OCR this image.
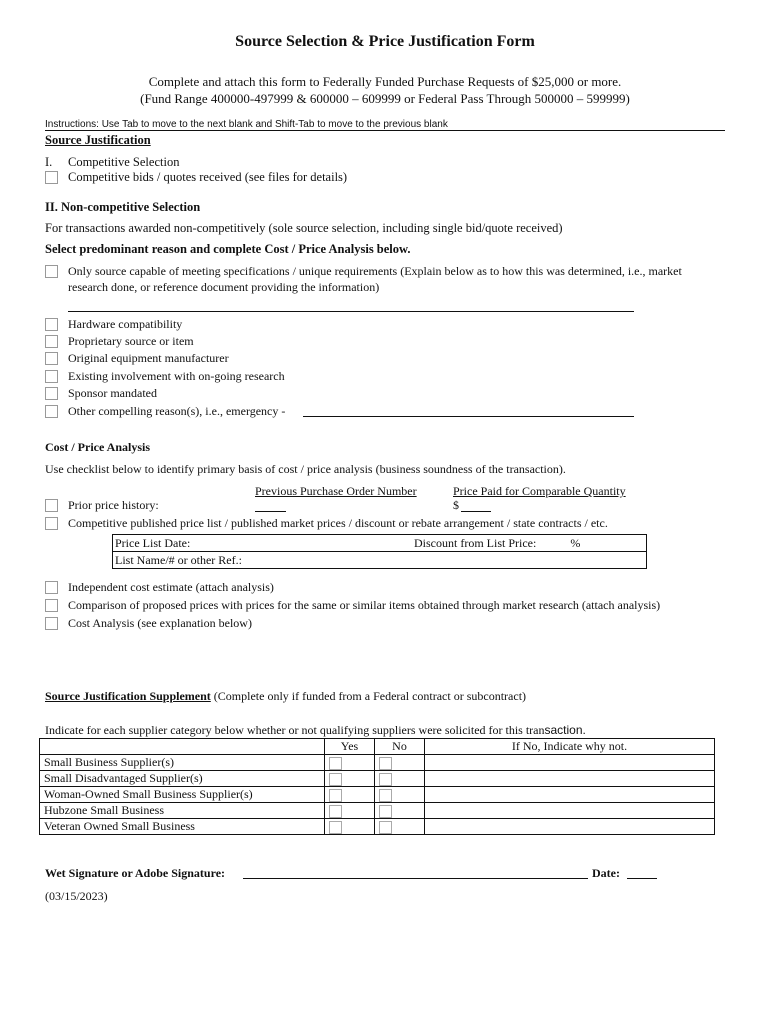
Source Selection & Price Justification Form
Complete and attach this form to Federally Funded Purchase Requests of $25,000 or more.
(Fund Range 400000-497999 & 600000 – 609999 or Federal Pass Through 500000 – 599999)
Instructions: Use Tab to move to the next blank and Shift-Tab to move to the previous blank
Source Justification
I. Competitive Selection
Competitive bids / quotes received (see files for details)
II. Non-competitive Selection
For transactions awarded non-competitively (sole source selection, including single bid/quote received)
Select predominant reason and complete Cost / Price Analysis below.
Only source capable of meeting specifications / unique requirements (Explain below as to how this was determined, i.e., market
research done, or reference document providing the information)
Hardware compatibility
Proprietary source or item
Original equipment manufacturer
Existing involvement with on-going research
Sponsor mandated
Other compelling reason(s), i.e., emergency -
Cost / Price Analysis
Use checklist below to identify primary basis of cost / price analysis (business soundness of the transaction).
Previous Purchase Order Number	Price Paid for Comparable Quantity
Prior price history:	$
Competitive published price list / published market prices / discount or rebate arrangement / state contracts / etc.
Price List Date:	Discount from List Price:	%
List Name/# or other Ref.:
Independent cost estimate (attach analysis)
Comparison of proposed prices with prices for the same or similar items obtained through market research (attach analysis)
Cost Analysis (see explanation below)
Source Justification Supplement (Complete only if funded from a Federal contract or subcontract)
Indicate for each supplier category below whether or not qualifying suppliers were solicited for this transaction.
	Yes	No	If No, Indicate why not.
Small Business Supplier(s)			
Small Disadvantaged Supplier(s)			
Woman-Owned Small Business Supplier(s)			
Hubzone Small Business			
Veteran Owned Small Business			
Wet Signature or Adobe Signature:	Date:
(03/15/2023)
